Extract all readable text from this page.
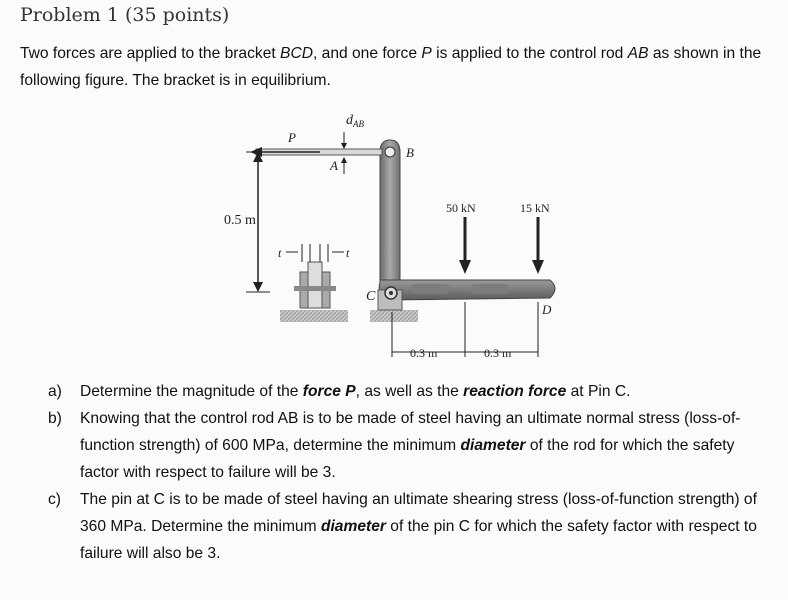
Problem 1 (35 points)
Two forces are applied to the bracket BCD, and one force P is applied to the control rod AB as shown in the following figure. The bracket is in equilibrium.
$d_{AB}$
P
A
B
C
D
50 kN	15 kN
0.5 m
t	t
0.3 m	0.3 m
a)	Determine the magnitude of the force P, as well as the reaction force at Pin C.
b)	Knowing that the control rod AB is to be made of steel having an ultimate normal stress (loss-of-function strength) of 600 MPa, determine the minimum diameter of the rod for which the safety factor with respect to failure will be 3.
c)	The pin at C is to be made of steel having an ultimate shearing stress (loss-of-function strength) of 360 MPa. Determine the minimum diameter of the pin C for which the safety factor with respect to failure will also be 3.
